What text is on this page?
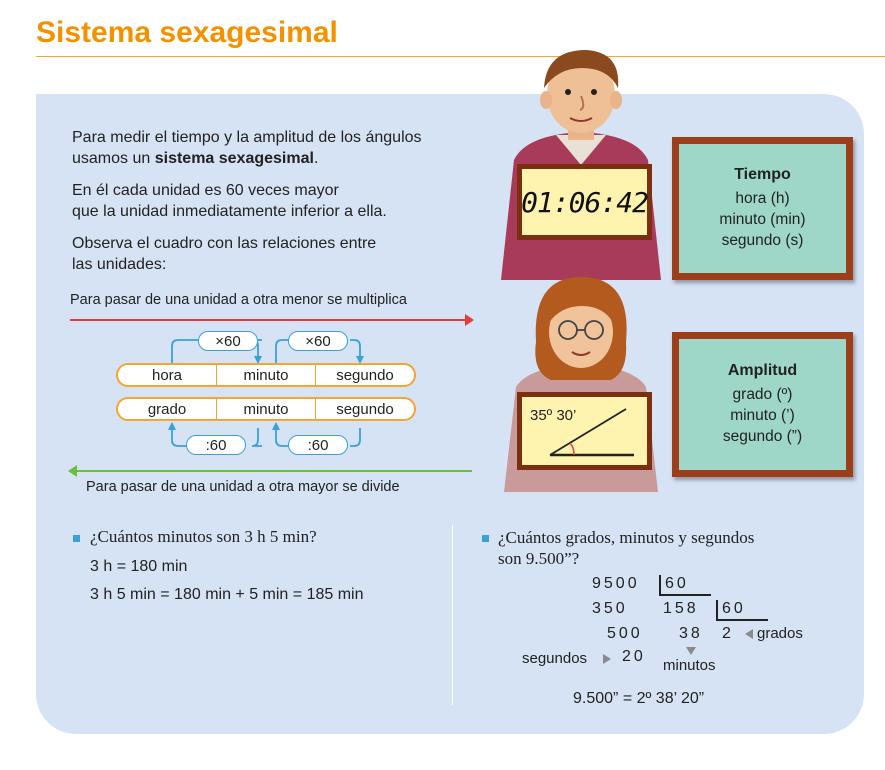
Sistema sexagesimal
Para medir el tiempo y la amplitud de los ángulos
usamos un sistema sexagesimal.
En él cada unidad es 60 veces mayor
que la unidad inmediatamente inferior a ella.
Observa el cuadro con las relaciones entre
las unidades:
Para pasar de una unidad a otra menor se multiplica
×60	×60
hora	minuto	segundo
grado	minuto	segundo
:60	:60
Para pasar de una unidad a otra mayor se divide
01:06:42
35º 30’
Tiempo
hora (h)
minuto (min)
segundo (s)
Amplitud
grado (º)
minuto (’)
segundo (”)
¿Cuántos minutos son 3 h 5 min?
3 h = 180 min
3 h 5 min = 180 min + 5 min = 185 min
¿Cuántos grados, minutos y segundos
son 9.500”?
9500 60
350 158 60
500 38 2 grados
segundos 20
minutos
9.500” = 2º 38’ 20”
